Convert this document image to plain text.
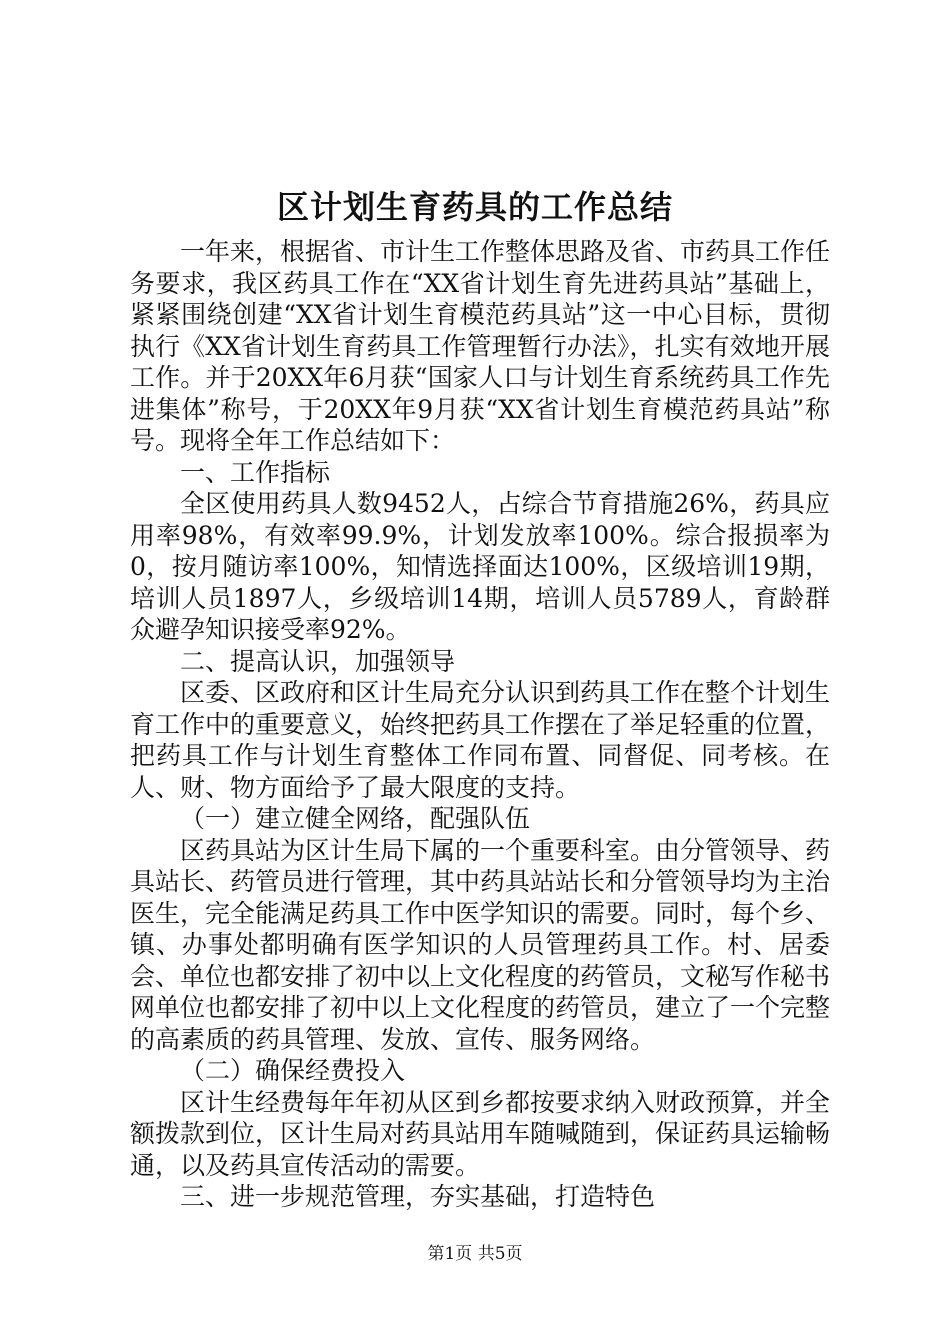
区计划生育药具的工作总结

一年来，根据省、市计生工作整体思路及省、市药具工作任务要求，我区药具工作在“XX省计划生育先进药具站”基础上，紧紧围绕创建“XX省计划生育模范药具站”这一中心目标，贯彻执行《XX省计划生育药具工作管理暂行办法》，扎实有效地开展工作。并于20XX年6月获“国家人口与计划生育系统药具工作先进集体”称号，于20XX年9月获“XX省计划生育模范药具站”称号。现将全年工作总结如下：

一、工作指标

全区使用药具人数9452人，占综合节育措施26%，药具应用率98%，有效率99.9%，计划发放率100%。综合报损率为0，按月随访率100%，知情选择面达100%，区级培训19期，培训人员1897人，乡级培训14期，培训人员5789人，育龄群众避孕知识接受率92%。

二、提高认识，加强领导

区委、区政府和区计生局充分认识到药具工作在整个计划生育工作中的重要意义，始终把药具工作摆在了举足轻重的位置，把药具工作与计划生育整体工作同布置、同督促、同考核。在人、财、物方面给予了最大限度的支持。

（一）建立健全网络，配强队伍

区药具站为区计生局下属的一个重要科室。由分管领导、药具站长、药管员进行管理，其中药具站站长和分管领导均为主治医生，完全能满足药具工作中医学知识的需要。同时，每个乡、镇、办事处都明确有医学知识的人员管理药具工作。村、居委会、单位也都安排了初中以上文化程度的药管员，文秘写作秘书网单位也都安排了初中以上文化程度的药管员，建立了一个完整的高素质的药具管理、发放、宣传、服务网络。

（二）确保经费投入

区计生经费每年年初从区到乡都按要求纳入财政预算，并全额拨款到位，区计生局对药具站用车随喊随到，保证药具运输畅通，以及药具宣传活动的需要。

三、进一步规范管理，夯实基础，打造特色

第1页 共5页
